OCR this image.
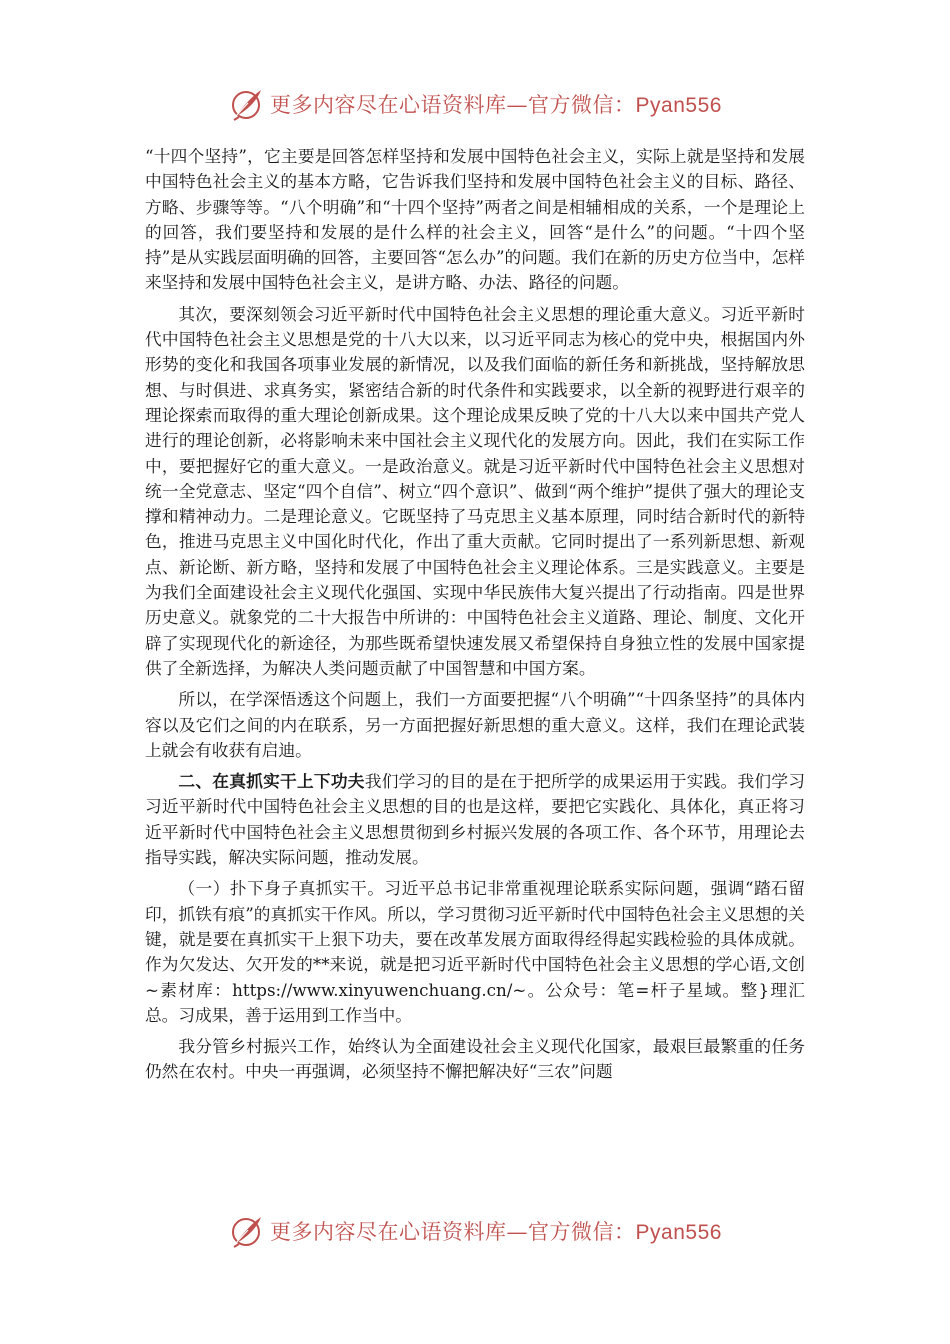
更多内容尽在心语资料库—官方微信：Pyan556

“十四个坚持”，它主要是回答怎样坚持和发展中国特色社会主义，实际上就是坚持和发展中国特色社会主义的基本方略，它告诉我们坚持和发展中国特色社会主义的目标、路径、方略、步骤等等。“八个明确”和“十四个坚持”两者之间是相辅相成的关系，一个是理论上的回答，我们要坚持和发展的是什么样的社会主义，回答“是什么”的问题。“十四个坚持”是从实践层面明确的回答，主要回答“怎么办”的问题。我们在新的历史方位当中，怎样来坚持和发展中国特色社会主义，是讲方略、办法、路径的问题。

其次，要深刻领会习近平新时代中国特色社会主义思想的理论重大意义。习近平新时代中国特色社会主义思想是党的十八大以来，以习近平同志为核心的党中央，根据国内外形势的变化和我国各项事业发展的新情况，以及我们面临的新任务和新挑战，坚持解放思想、与时俱进、求真务实，紧密结合新的时代条件和实践要求，以全新的视野进行艰辛的理论探索而取得的重大理论创新成果。这个理论成果反映了党的十八大以来中国共产党人进行的理论创新，必将影响未来中国社会主义现代化的发展方向。因此，我们在实际工作中，要把握好它的重大意义。一是政治意义。就是习近平新时代中国特色社会主义思想对统一全党意志、坚定“四个自信”、树立“四个意识”、做到“两个维护”提供了强大的理论支撑和精神动力。二是理论意义。它既坚持了马克思主义基本原理，同时结合新时代的新特色，推进马克思主义中国化时代化，作出了重大贡献。它同时提出了一系列新思想、新观点、新论断、新方略，坚持和发展了中国特色社会主义理论体系。三是实践意义。主要是为我们全面建设社会主义现代化强国、实现中华民族伟大复兴提出了行动指南。四是世界历史意义。就象党的二十大报告中所讲的：中国特色社会主义道路、理论、制度、文化开辟了实现现代化的新途径，为那些既希望快速发展又希望保持自身独立性的发展中国家提供了全新选择，为解决人类问题贡献了中国智慧和中国方案。

所以，在学深悟透这个问题上，我们一方面要把握“八个明确”“十四条坚持”的具体内容以及它们之间的内在联系，另一方面把握好新思想的重大意义。这样，我们在理论武装上就会有收获有启迪。

二、在真抓实干上下功夫我们学习的目的是在于把所学的成果运用于实践。我们学习习近平新时代中国特色社会主义思想的目的也是这样，要把它实践化、具体化，真正将习近平新时代中国特色社会主义思想贯彻到乡村振兴发展的各项工作、各个环节，用理论去指导实践，解决实际问题，推动发展。

（一）扑下身子真抓实干。习近平总书记非常重视理论联系实际问题，强调“踏石留印，抓铁有痕”的真抓实干作风。所以，学习贯彻习近平新时代中国特色社会主义思想的关键，就是要在真抓实干上狠下功夫，要在改革发展方面取得经得起实践检验的具体成就。作为欠发达、欠开发的**来说，就是把习近平新时代中国特色社会主义思想的学心语,文创~素材库：https://www.xinyuwenchuang.cn/~。公众号：笔=杆子星域。整}理汇总。习成果，善于运用到工作当中。

我分管乡村振兴工作，始终认为全面建设社会主义现代化国家，最艰巨最繁重的任务仍然在农村。中央一再强调，必须坚持不懈把解决好“三农”问题

更多内容尽在心语资料库—官方微信：Pyan556
